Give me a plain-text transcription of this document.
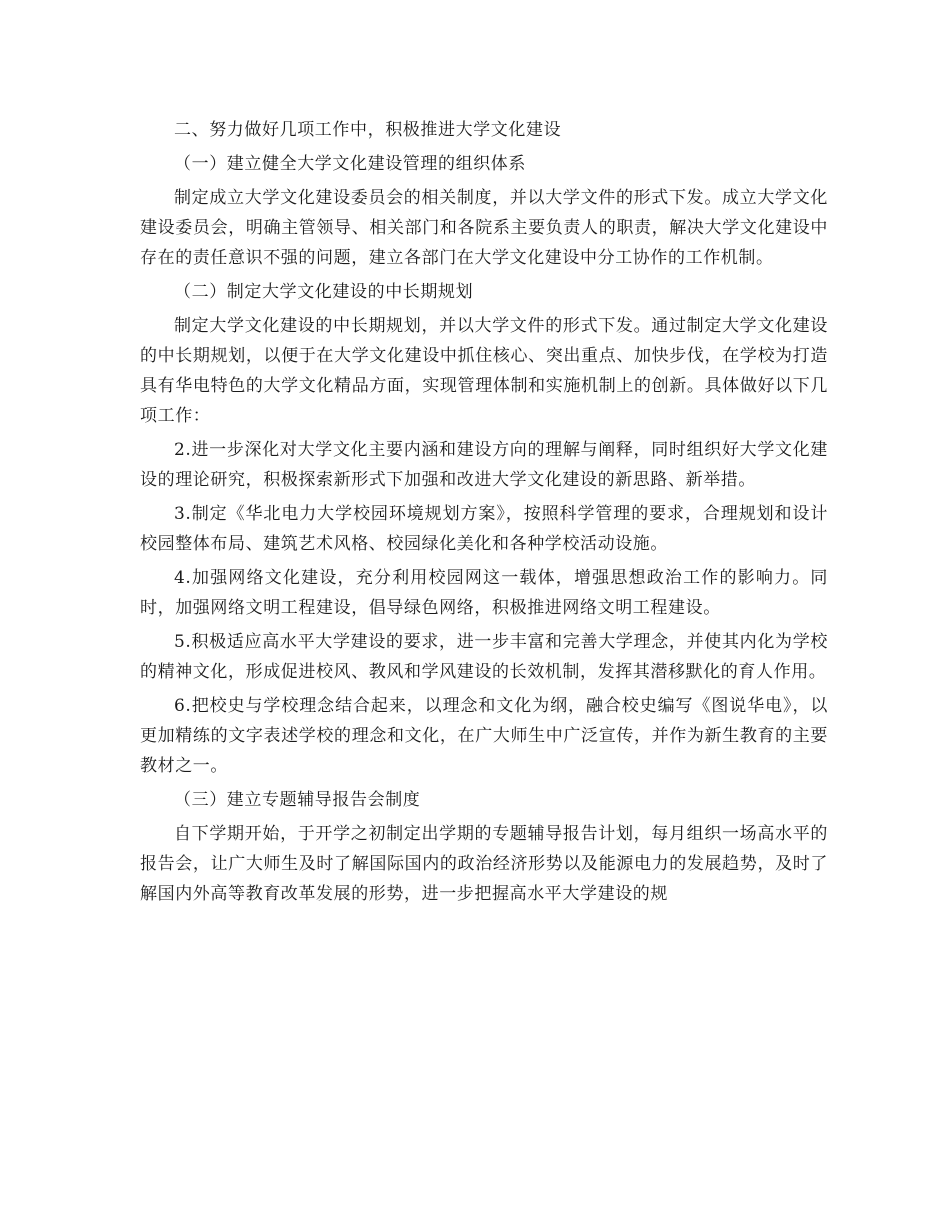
二、努力做好几项工作中，积极推进大学文化建设

（一）建立健全大学文化建设管理的组织体系

制定成立大学文化建设委员会的相关制度，并以大学文件的形式下发。成立大学文化建设委员会，明确主管领导、相关部门和各院系主要负责人的职责，解决大学文化建设中存在的责任意识不强的问题，建立各部门在大学文化建设中分工协作的工作机制。

（二）制定大学文化建设的中长期规划

制定大学文化建设的中长期规划，并以大学文件的形式下发。通过制定大学文化建设的中长期规划，以便于在大学文化建设中抓住核心、突出重点、加快步伐，在学校为打造具有华电特色的大学文化精品方面，实现管理体制和实施机制上的创新。具体做好以下几项工作：

2.进一步深化对大学文化主要内涵和建设方向的理解与阐释，同时组织好大学文化建设的理论研究，积极探索新形式下加强和改进大学文化建设的新思路、新举措。

3.制定《华北电力大学校园环境规划方案》，按照科学管理的要求，合理规划和设计校园整体布局、建筑艺术风格、校园绿化美化和各种学校活动设施。

4.加强网络文化建设，充分利用校园网这一载体，增强思想政治工作的影响力。同时，加强网络文明工程建设，倡导绿色网络，积极推进网络文明工程建设。

5.积极适应高水平大学建设的要求，进一步丰富和完善大学理念，并使其内化为学校的精神文化，形成促进校风、教风和学风建设的长效机制，发挥其潜移默化的育人作用。

6.把校史与学校理念结合起来，以理念和文化为纲，融合校史编写《图说华电》，以更加精练的文字表述学校的理念和文化，在广大师生中广泛宣传，并作为新生教育的主要教材之一。

（三）建立专题辅导报告会制度

自下学期开始，于开学之初制定出学期的专题辅导报告计划，每月组织一场高水平的报告会，让广大师生及时了解国际国内的政治经济形势以及能源电力的发展趋势，及时了解国内外高等教育改革发展的形势，进一步把握高水平大学建设的规
